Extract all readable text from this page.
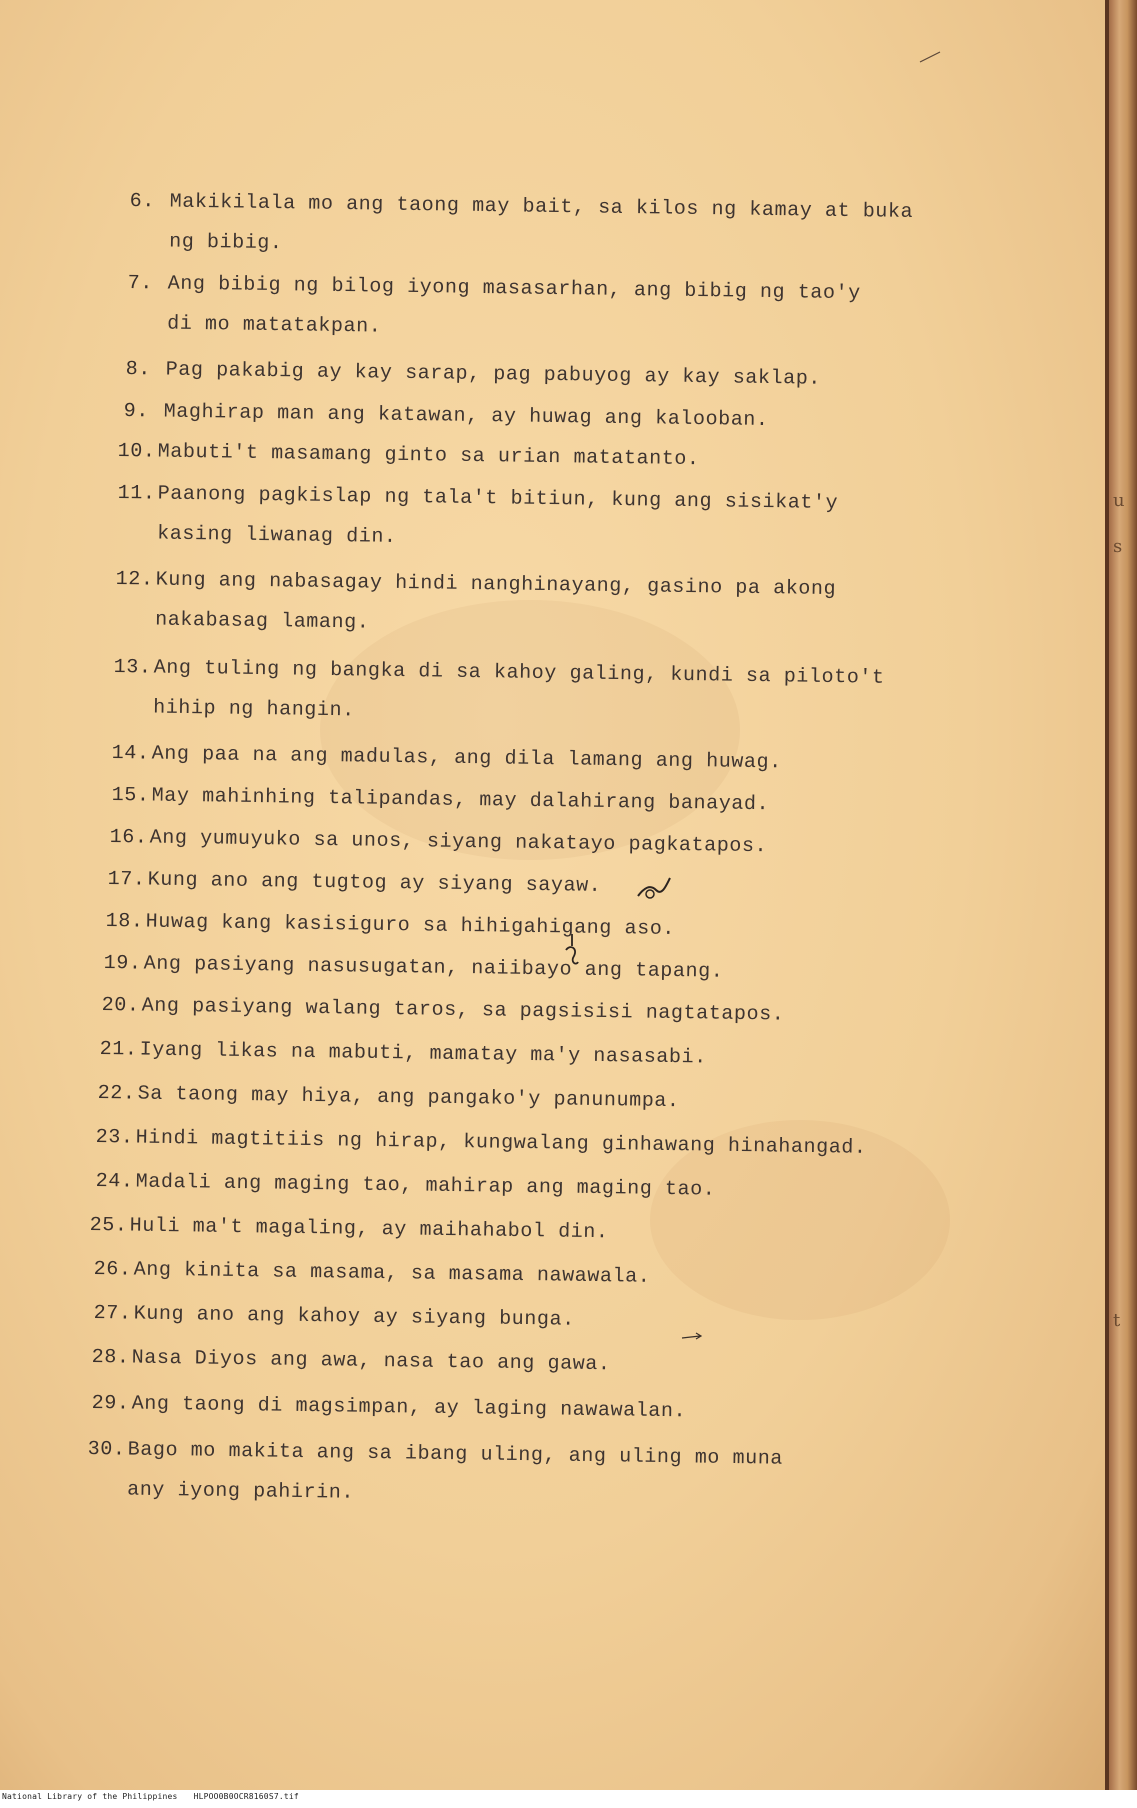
6. Makikilala mo ang taong may bait, sa kilos ng kamay at buka
ng bibig.
7. Ang bibig ng bilog iyong masasarhan, ang bibig ng tao'y
di mo matatakpan.
8. Pag pakabig ay kay sarap, pag pabuyog ay kay saklap.
9. Maghirap man ang katawan, ay huwag ang kalooban.
10.Mabuti't masamang ginto sa urian matatanto.
11.Paanong pagkislap ng tala't bitiun, kung ang sisikat'y
kasing liwanag din.
12.Kung ang nabasagay hindi nanghinayang, gasino pa akong
nakabasag lamang.
13.Ang tuling ng bangka di sa kahoy galing, kundi sa piloto't
hihip ng hangin.
14.Ang paa na ang madulas, ang dila lamang ang huwag.
15.May mahinhing talipandas, may dalahirang banayad.
16.Ang yumuyuko sa unos, siyang nakatayo pagkatapos.
17.Kung ano ang tugtog ay siyang sayaw.
18.Huwag kang kasisiguro sa hihigahigang aso.
19.Ang pasiyang nasusugatan, naiibayo ang tapang.
20.Ang pasiyang walang taros, sa pagsisisi nagtatapos.
21.Iyang likas na mabuti, mamatay ma'y nasasabi.
22.Sa taong may hiya, ang pangako'y panunumpa.
23.Hindi magtitiis ng hirap, kungwalang ginhawang hinahangad.
24.Madali ang maging tao, mahirap ang maging tao.
25.Huli ma't magaling, ay maihahabol din.
26.Ang kinita sa masama, sa masama nawawala.
27.Kung ano ang kahoy ay siyang bunga.
28.Nasa Diyos ang awa, nasa tao ang gawa.
29.Ang taong di magsimpan, ay laging nawawalan.
30.Bago mo makita ang sa ibang uling, ang uling mo muna
any iyong pahirin.
u
s
t
National Library of the Philippines HLPOO0B0OCR8160S7.tif
